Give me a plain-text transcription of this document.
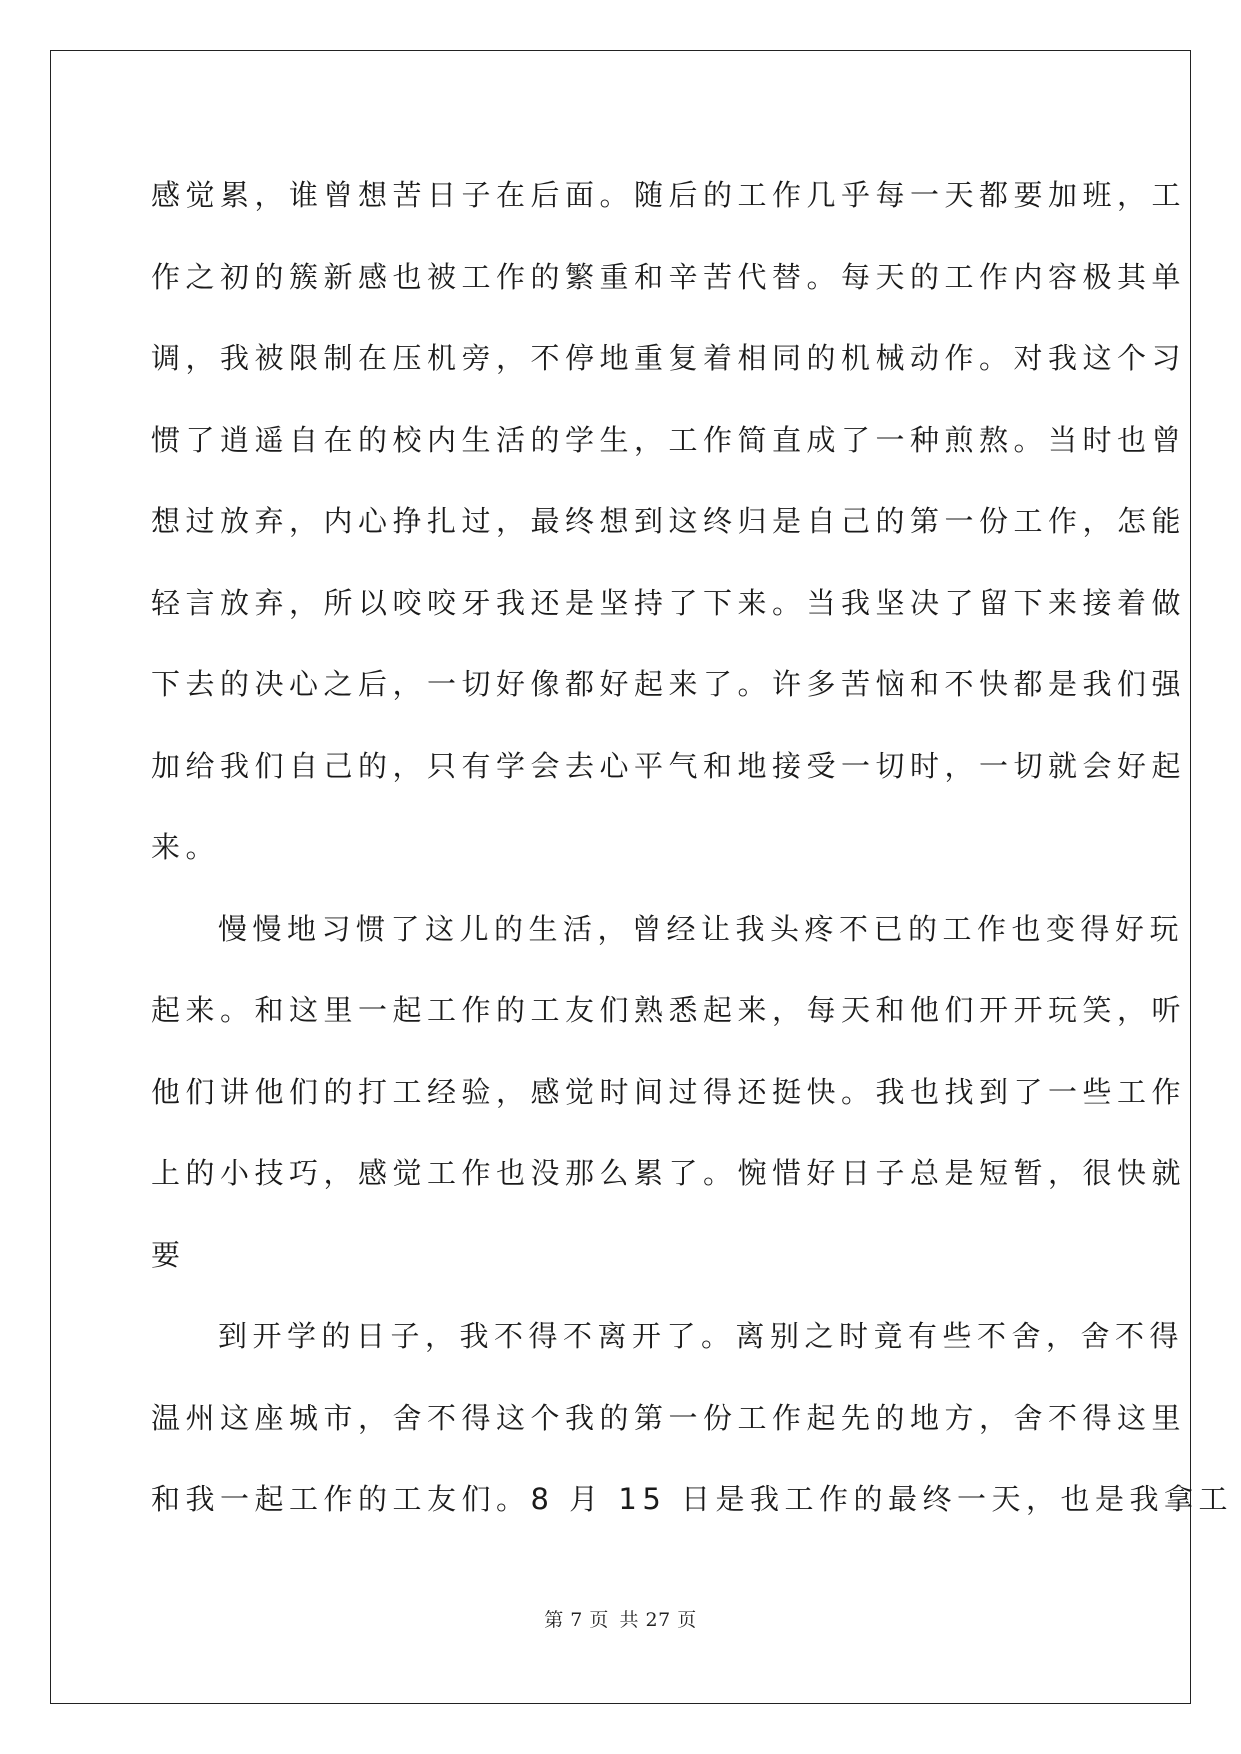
感觉累，谁曾想苦日子在后面。随后的工作几乎每一天都要加班，工
作之初的簇新感也被工作的繁重和辛苦代替。每天的工作内容极其单
调，我被限制在压机旁，不停地重复着相同的机械动作。对我这个习
惯了逍遥自在的校内生活的学生，工作简直成了一种煎熬。当时也曾
想过放弃，内心挣扎过，最终想到这终归是自己的第一份工作，怎能
轻言放弃，所以咬咬牙我还是坚持了下来。当我坚决了留下来接着做
下去的决心之后，一切好像都好起来了。许多苦恼和不快都是我们强
加给我们自己的，只有学会去心平气和地接受一切时，一切就会好起
来。
慢慢地习惯了这儿的生活，曾经让我头疼不已的工作也变得好玩
起来。和这里一起工作的工友们熟悉起来，每天和他们开开玩笑，听
他们讲他们的打工经验，感觉时间过得还挺快。我也找到了一些工作
上的小技巧，感觉工作也没那么累了。惋惜好日子总是短暂，很快就
要
到开学的日子，我不得不离开了。离别之时竟有些不舍，舍不得
温州这座城市，舍不得这个我的第一份工作起先的地方，舍不得这里
和我一起工作的工友们。8 月 15 日是我工作的最终一天，也是我拿工
第 7 页 共 27 页
